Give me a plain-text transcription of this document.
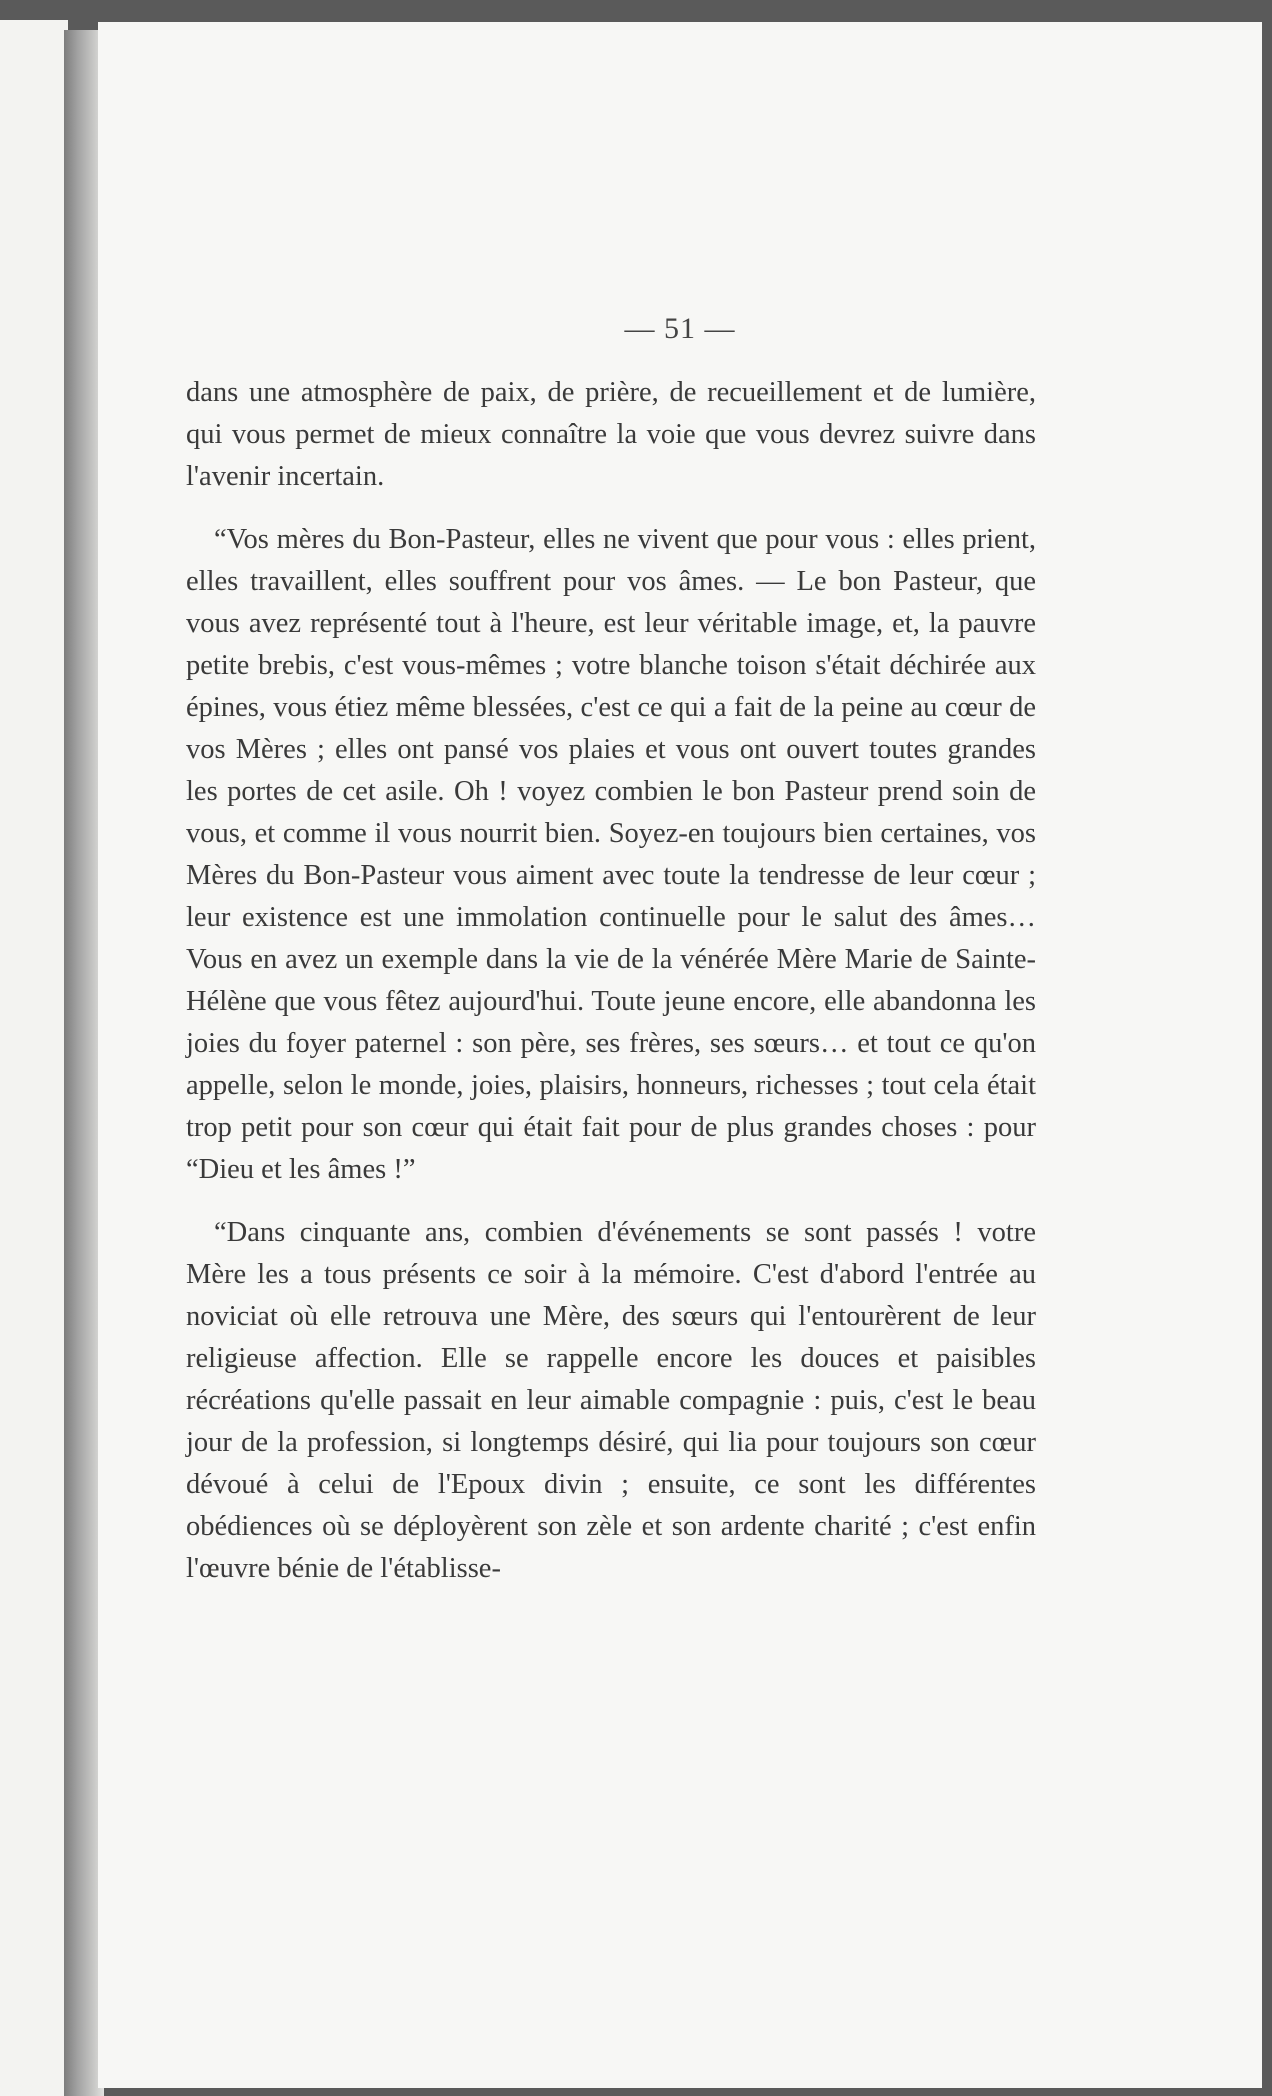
— 51 —

dans une atmosphère de paix, de prière, de recueillement et de lumière, qui vous permet de mieux connaître la voie que vous devrez suivre dans l'avenir incertain.

“Vos mères du Bon-Pasteur, elles ne vivent que pour vous : elles prient, elles travaillent, elles souffrent pour vos âmes. — Le bon Pasteur, que vous avez représenté tout à l'heure, est leur véritable image, et, la pauvre petite brebis, c'est vous-mêmes ; votre blanche toison s'était déchirée aux épines, vous étiez même blessées, c'est ce qui a fait de la peine au cœur de vos Mères ; elles ont pansé vos plaies et vous ont ouvert toutes grandes les portes de cet asile. Oh ! voyez combien le bon Pasteur prend soin de vous, et comme il vous nourrit bien. Soyez-en toujours bien certaines, vos Mères du Bon-Pasteur vous aiment avec toute la tendresse de leur cœur ; leur existence est une immolation continuelle pour le salut des âmes… Vous en avez un exemple dans la vie de la vénérée Mère Marie de Sainte-Hélène que vous fêtez aujourd'hui. Toute jeune encore, elle abandonna les joies du foyer paternel : son père, ses frères, ses sœurs… et tout ce qu'on appelle, selon le monde, joies, plaisirs, honneurs, richesses ; tout cela était trop petit pour son cœur qui était fait pour de plus grandes choses : pour “Dieu et les âmes !”

“Dans cinquante ans, combien d'événements se sont passés ! votre Mère les a tous présents ce soir à la mémoire. C'est d'abord l'entrée au noviciat où elle retrouva une Mère, des sœurs qui l'entourèrent de leur religieuse affection. Elle se rappelle encore les douces et paisibles récréations qu'elle passait en leur aimable compagnie : puis, c'est le beau jour de la profession, si longtemps désiré, qui lia pour toujours son cœur dévoué à celui de l'Epoux divin ; ensuite, ce sont les différentes obédiences où se déployèrent son zèle et son ardente charité ; c'est enfin l'œuvre bénie de l'établisse-
